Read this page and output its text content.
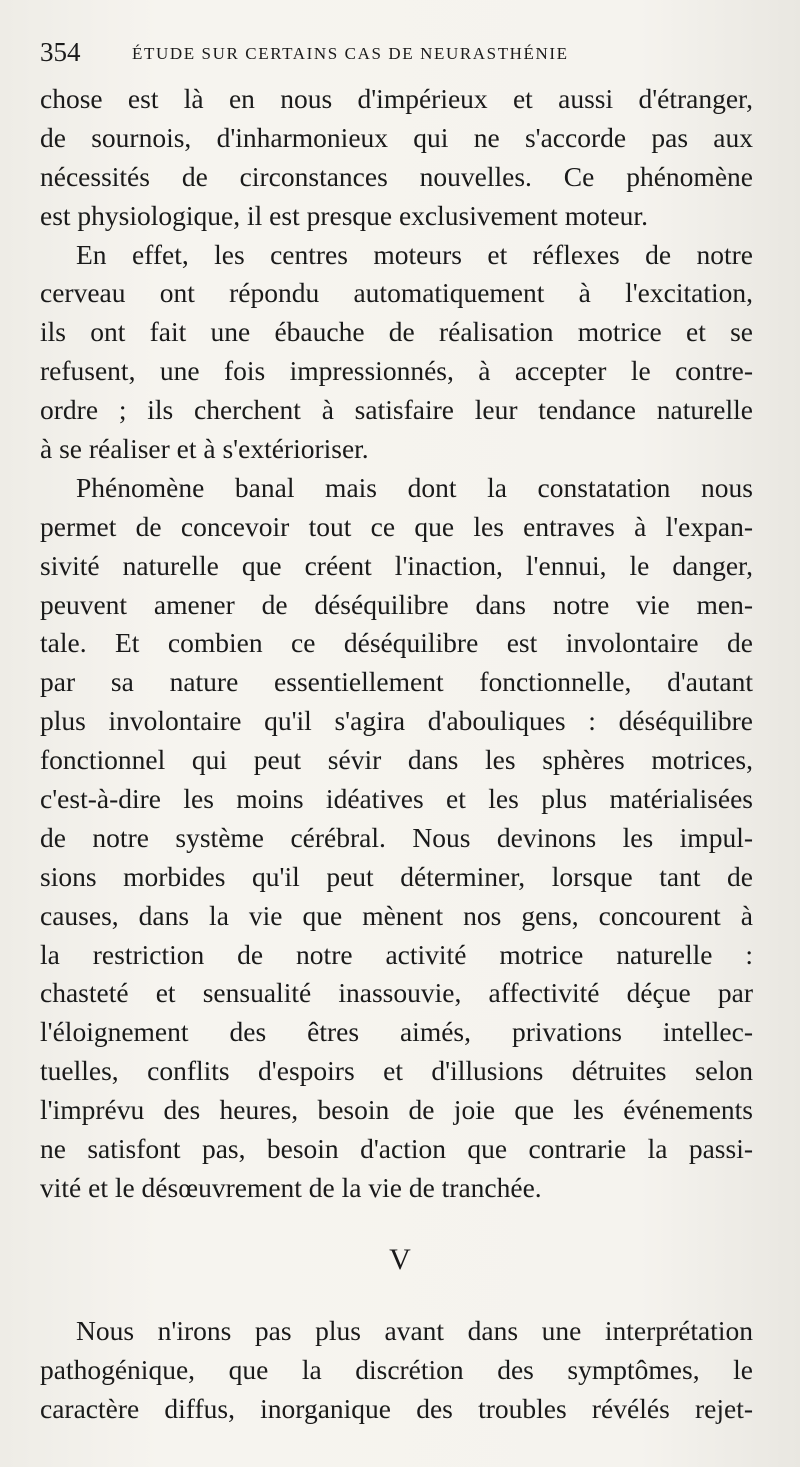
354	ÉTUDE SUR CERTAINS CAS DE NEURASTHÉNIE
chose est là en nous d'impérieux et aussi d'étranger,
de sournois, d'inharmonieux qui ne s'accorde pas aux
nécessités de circonstances nouvelles. Ce phénomène
est physiologique, il est presque exclusivement moteur.
En effet, les centres moteurs et réflexes de notre
cerveau ont répondu automatiquement à l'excitation,
ils ont fait une ébauche de réalisation motrice et se
refusent, une fois impressionnés, à accepter le contre-
ordre ; ils cherchent à satisfaire leur tendance naturelle
à se réaliser et à s'extérioriser.
Phénomène banal mais dont la constatation nous
permet de concevoir tout ce que les entraves à l'expan-
sivité naturelle que créent l'inaction, l'ennui, le danger,
peuvent amener de déséquilibre dans notre vie men-
tale. Et combien ce déséquilibre est involontaire de
par sa nature essentiellement fonctionnelle, d'autant
plus involontaire qu'il s'agira d'abouliques : déséquilibre
fonctionnel qui peut sévir dans les sphères motrices,
c'est-à-dire les moins idéatives et les plus matérialisées
de notre système cérébral. Nous devinons les impul-
sions morbides qu'il peut déterminer, lorsque tant de
causes, dans la vie que mènent nos gens, concourent à
la restriction de notre activité motrice naturelle :
chasteté et sensualité inassouvie, affectivité déçue par
l'éloignement des êtres aimés, privations intellec-
tuelles, conflits d'espoirs et d'illusions détruites selon
l'imprévu des heures, besoin de joie que les événements
ne satisfont pas, besoin d'action que contrarie la passi-
vité et le désœuvrement de la vie de tranchée.
V
Nous n'irons pas plus avant dans une interprétation
pathogénique, que la discrétion des symptômes, le
caractère diffus, inorganique des troubles révélés rejet-
